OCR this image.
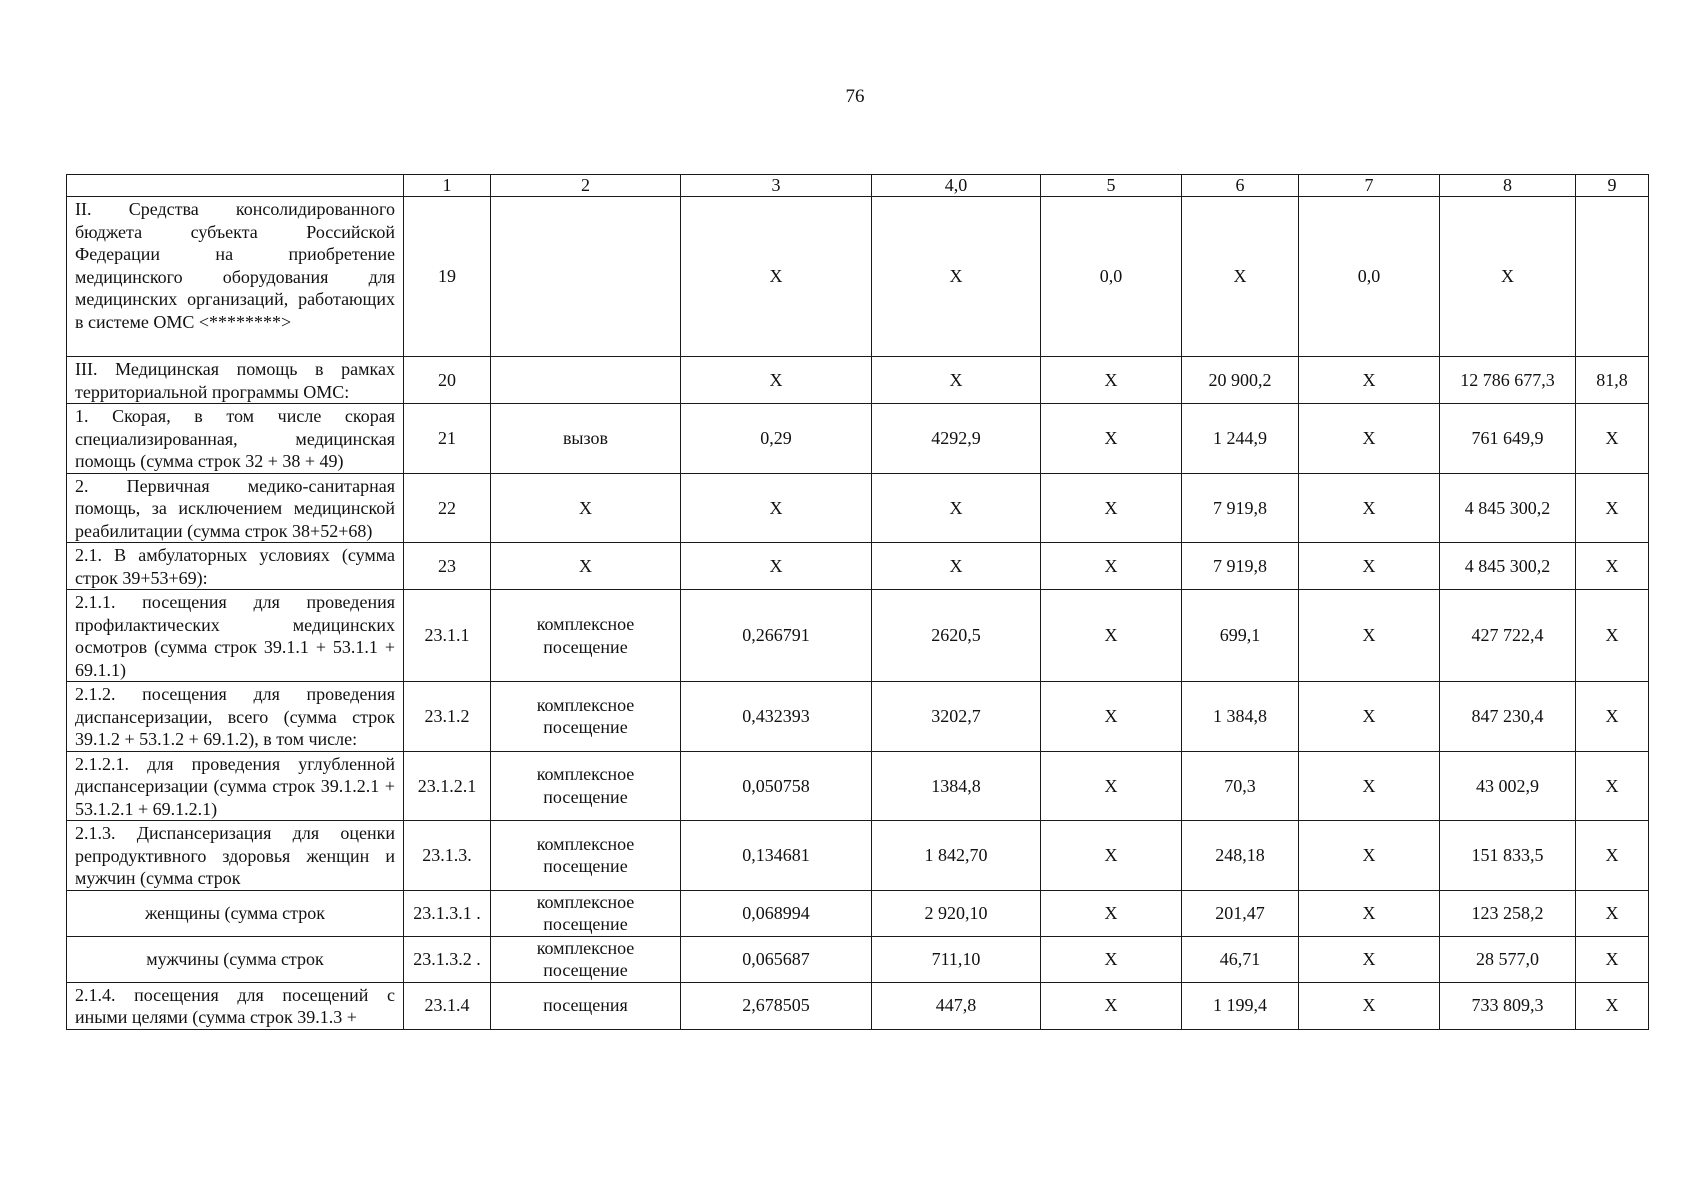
76
	1	2	3	4,0	5	6	7	8	9
II. Средства консолидированного бюджета субъекта Российской Федерации на приобретение медицинского оборудования для медицинских организаций, работающих в системе ОМС <********>	19		Х	Х	0,0	Х	0,0	Х	
III. Медицинская помощь в рамках территориальной программы ОМС:	20		Х	Х	Х	20 900,2	Х	12 786 677,3	81,8
1. Скорая, в том числе скорая специализированная, медицинская помощь (сумма строк 32 + 38 + 49)	21	вызов	0,29	4292,9	Х	1 244,9	Х	761 649,9	Х
2. Первичная медико-санитарная помощь, за исключением медицинской реабилитации (сумма строк 38+52+68)	22	Х	Х	Х	Х	7 919,8	Х	4 845 300,2	Х
2.1. В амбулаторных условиях (сумма строк 39+53+69):	23	Х	Х	Х	Х	7 919,8	Х	4 845 300,2	Х
2.1.1. посещения для проведения профилактических медицинских осмотров (сумма строк 39.1.1 + 53.1.1 + 69.1.1)	23.1.1	комплексное посещение	0,266791	2620,5	Х	699,1	Х	427 722,4	Х
2.1.2. посещения для проведения диспансеризации, всего (сумма строк 39.1.2 + 53.1.2 + 69.1.2), в том числе:	23.1.2	комплексное посещение	0,432393	3202,7	Х	1 384,8	Х	847 230,4	Х
2.1.2.1. для проведения углубленной диспансеризации (сумма строк 39.1.2.1 + 53.1.2.1 + 69.1.2.1)	23.1.2.1	комплексное посещение	0,050758	1384,8	Х	70,3	Х	43 002,9	Х
2.1.3. Диспансеризация для оценки репродуктивного здоровья женщин и мужчин (сумма строк	23.1.3.	комплексное посещение	0,134681	1 842,70	Х	248,18	Х	151 833,5	Х
женщины (сумма строк	23.1.3.1 .	комплексное посещение	0,068994	2 920,10	Х	201,47	Х	123 258,2	Х
мужчины (сумма строк	23.1.3.2 .	комплексное посещение	0,065687	711,10	Х	46,71	Х	28 577,0	Х
2.1.4. посещения для посещений с иными целями (сумма строк 39.1.3 +	23.1.4	посещения	2,678505	447,8	Х	1 199,4	Х	733 809,3	Х
